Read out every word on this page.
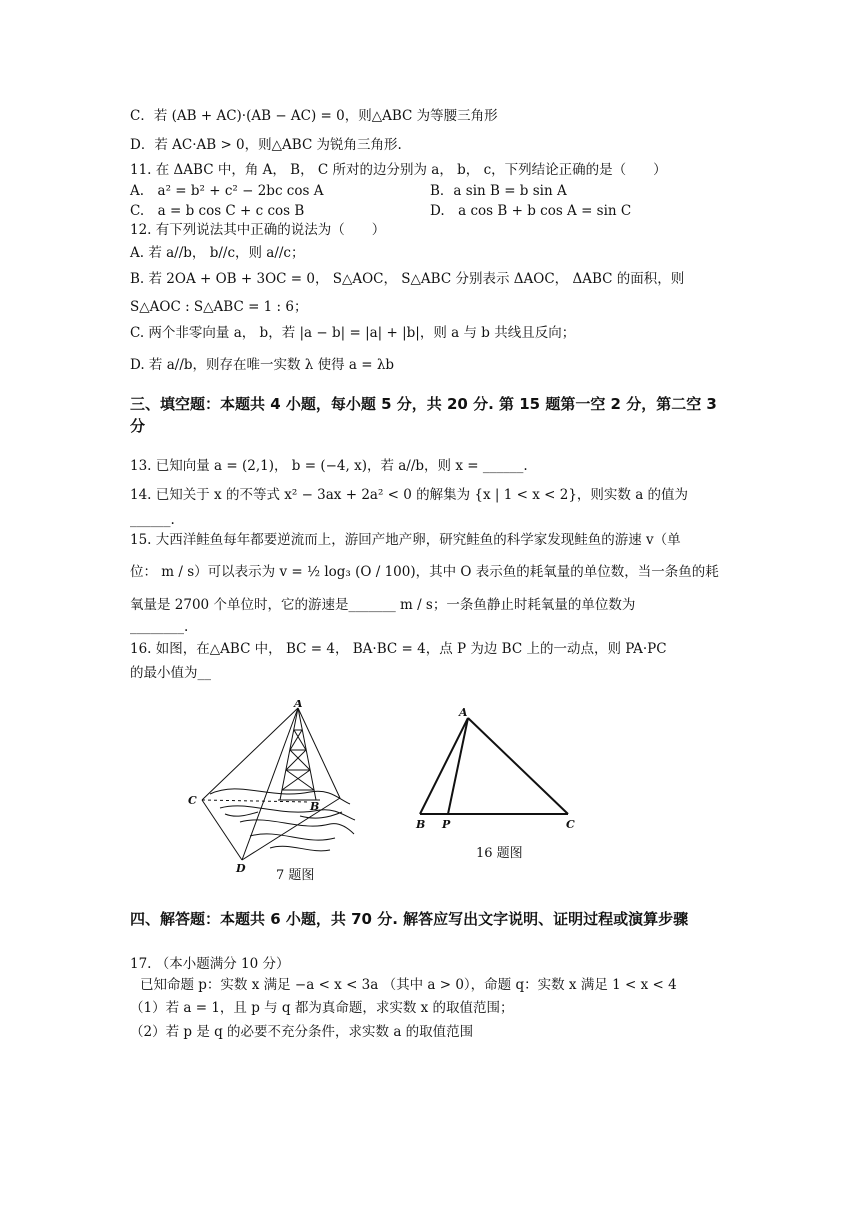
C．若 (AB + AC)·(AB − AC) = 0，则△ABC 为等腰三角形
D．若 AC·AB > 0，则△ABC 为锐角三角形.
11. 在 ΔABC 中，角 A， B， C 所对的边分别为 a， b， c，下列结论正确的是（　　）
A.　a² = b² + c² − 2bc cos A	B．a sin B = b sin A
C.　a = b cos C + c cos B	D.　a cos B + b cos A = sin C
12. 有下列说法其中正确的说法为（　　）
A. 若 a//b， b//c，则 a//c；
B. 若 2OA + OB + 3OC = 0， S△AOC， S△ABC 分别表示 ΔAOC， ΔABC 的面积，则
S△AOC : S△ABC = 1 : 6；
C. 两个非零向量 a， b，若 |a − b| = |a| + |b|，则 a 与 b 共线且反向；
D. 若 a//b，则存在唯一实数 λ 使得 a = λb
三、填空题：本题共 4 小题，每小题 5 分，共 20 分. 第 15 题第一空 2 分，第二空 3 分
13. 已知向量 a = (2,1)， b = (−4, x)，若 a//b，则 x = ______.
14. 已知关于 x 的不等式 x² − 3ax + 2a² < 0 的解集为 {x | 1 < x < 2}，则实数 a 的值为
______.
15. 大西洋鲑鱼每年都要逆流而上，游回产地产卵，研究鲑鱼的科学家发现鲑鱼的游速 v（单
位： m / s）可以表示为 v = ½ log₃ (O / 100)，其中 O 表示鱼的耗氧量的单位数，当一条鱼的耗
氧量是 2700 个单位时，它的游速是_______ m / s；一条鱼静止时耗氧量的单位数为
________.
16. 如图，在△ABC 中， BC = 4， BA·BC = 4，点 P 为边 BC 上的一动点，则 PA·PC
的最小值为__
A
C	B
D 7 题图
A
B P	C
16 题图
四、解答题：本题共 6 小题，共 70 分. 解答应写出文字说明、证明过程或演算步骤
17. （本小题满分 10 分）
已知命题 p：实数 x 满足 −a < x < 3a （其中 a > 0），命题 q：实数 x 满足 1 < x < 4
（1）若 a = 1，且 p 与 q 都为真命题，求实数 x 的取值范围；
（2）若 p 是 q 的必要不充分条件，求实数 a 的取值范围
